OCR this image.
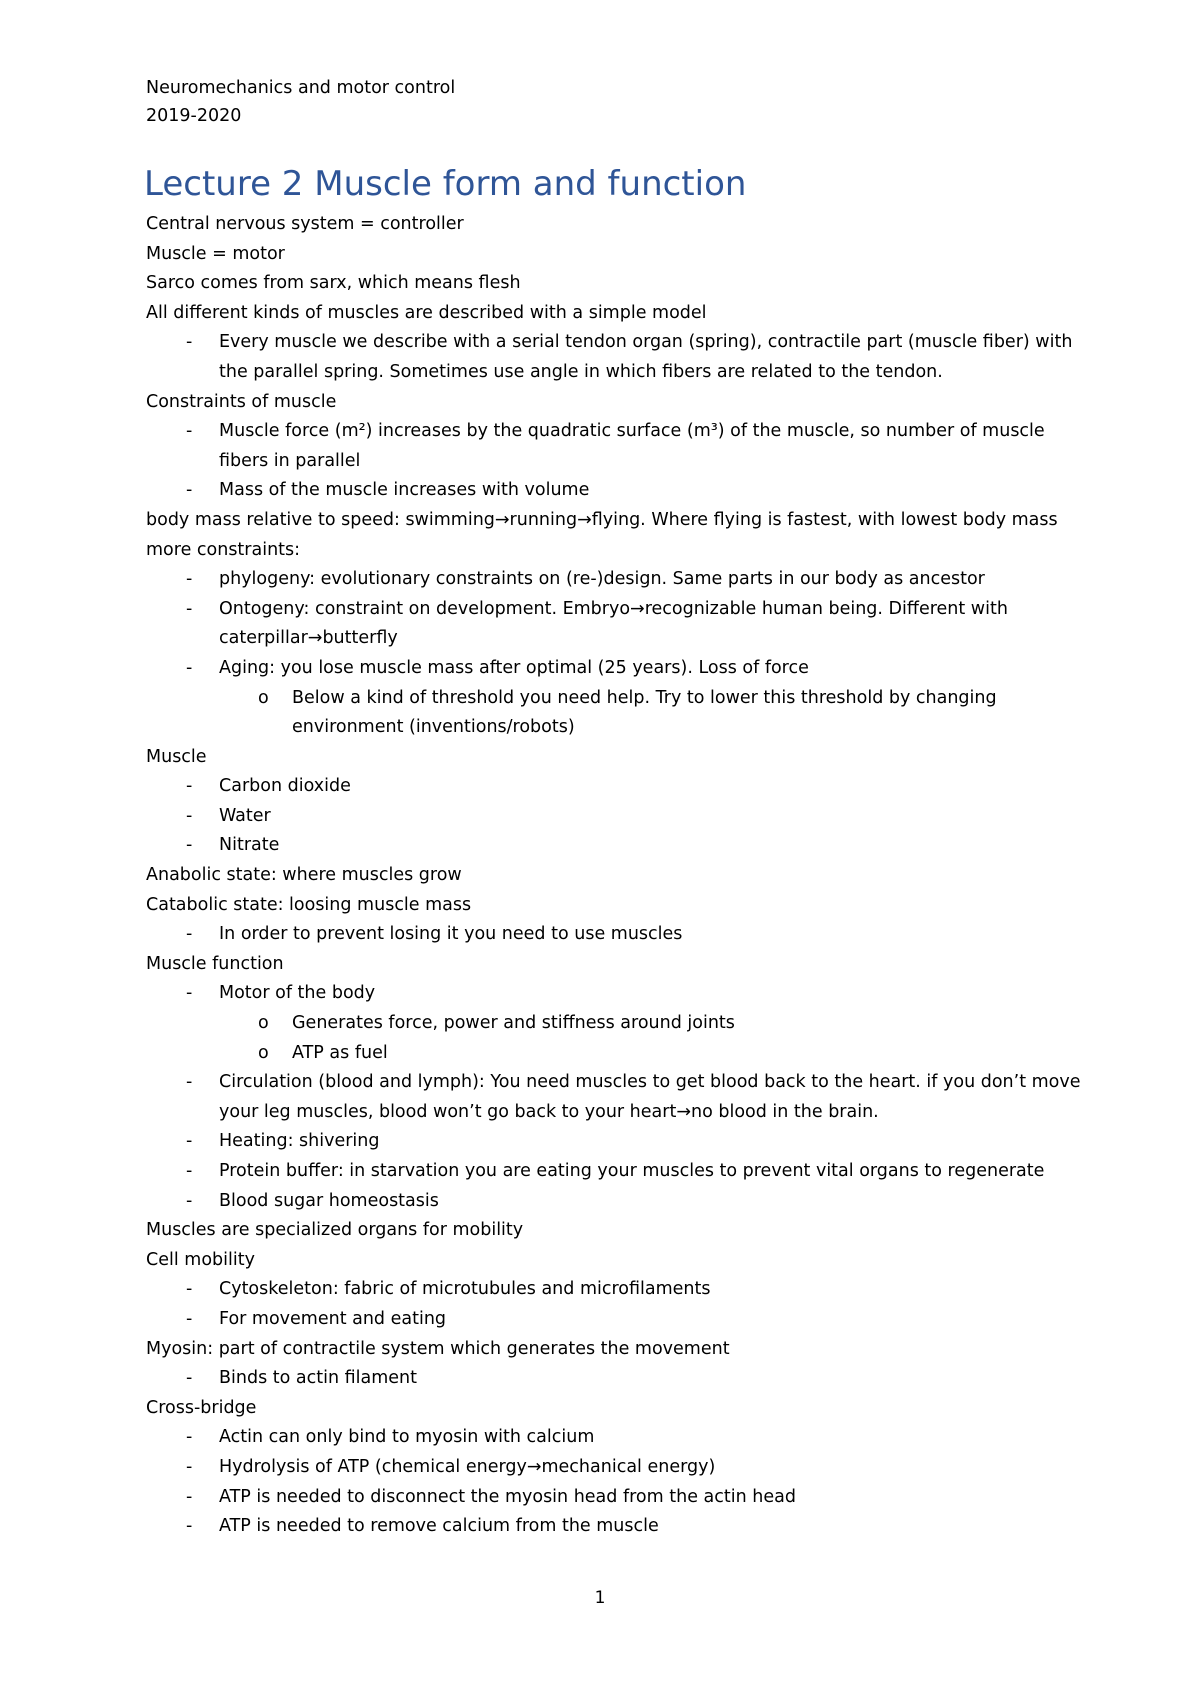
Neuromechanics and motor control
2019-2020
Lecture 2 Muscle form and function
Central nervous system = controller
Muscle = motor
Sarco comes from sarx, which means flesh
All different kinds of muscles are described with a simple model
- Every muscle we describe with a serial tendon organ (spring), contractile part (muscle fiber) with the parallel spring. Sometimes use angle in which fibers are related to the tendon.
Constraints of muscle
- Muscle force (m²) increases by the quadratic surface (m³) of the muscle, so number of muscle fibers in parallel
- Mass of the muscle increases with volume
body mass relative to speed: swimming→running→flying. Where flying is fastest, with lowest body mass
more constraints:
- phylogeny: evolutionary constraints on (re-)design. Same parts in our body as ancestor
- Ontogeny: constraint on development. Embryo→recognizable human being. Different with caterpillar→butterfly
- Aging: you lose muscle mass after optimal (25 years). Loss of force
o Below a kind of threshold you need help. Try to lower this threshold by changing environment (inventions/robots)
Muscle
- Carbon dioxide
- Water
- Nitrate
Anabolic state: where muscles grow
Catabolic state: loosing muscle mass
- In order to prevent losing it you need to use muscles
Muscle function
- Motor of the body
o Generates force, power and stiffness around joints
o ATP as fuel
- Circulation (blood and lymph): You need muscles to get blood back to the heart. if you don’t move your leg muscles, blood won’t go back to your heart→no blood in the brain.
- Heating: shivering
- Protein buffer: in starvation you are eating your muscles to prevent vital organs to regenerate
- Blood sugar homeostasis
Muscles are specialized organs for mobility
Cell mobility
- Cytoskeleton: fabric of microtubules and microfilaments
- For movement and eating
Myosin: part of contractile system which generates the movement
- Binds to actin filament
Cross-bridge
- Actin can only bind to myosin with calcium
- Hydrolysis of ATP (chemical energy→mechanical energy)
- ATP is needed to disconnect the myosin head from the actin head
- ATP is needed to remove calcium from the muscle
1
